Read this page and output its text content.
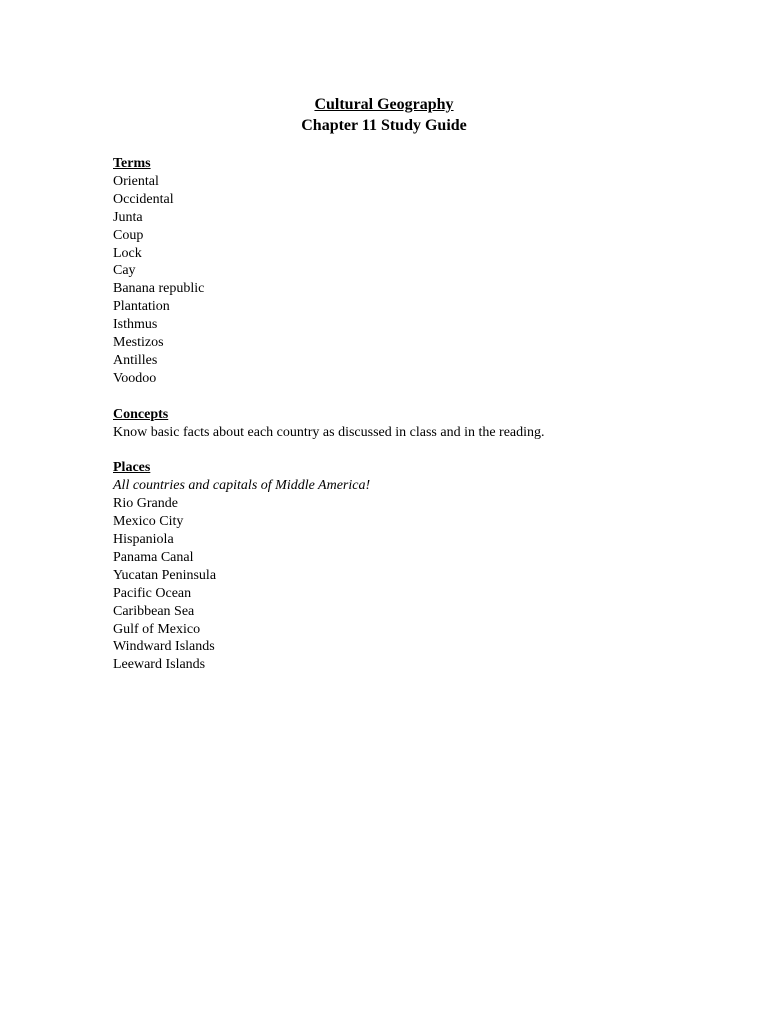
Cultural Geography
Chapter 11 Study Guide
Terms
Oriental
Occidental
Junta
Coup
Lock
Cay
Banana republic
Plantation
Isthmus
Mestizos
Antilles
Voodoo
Concepts
Know basic facts about each country as discussed in class and in the reading.
Places
All countries and capitals of Middle America!
Rio Grande
Mexico City
Hispaniola
Panama Canal
Yucatan Peninsula
Pacific Ocean
Caribbean Sea
Gulf of Mexico
Windward Islands
Leeward Islands
